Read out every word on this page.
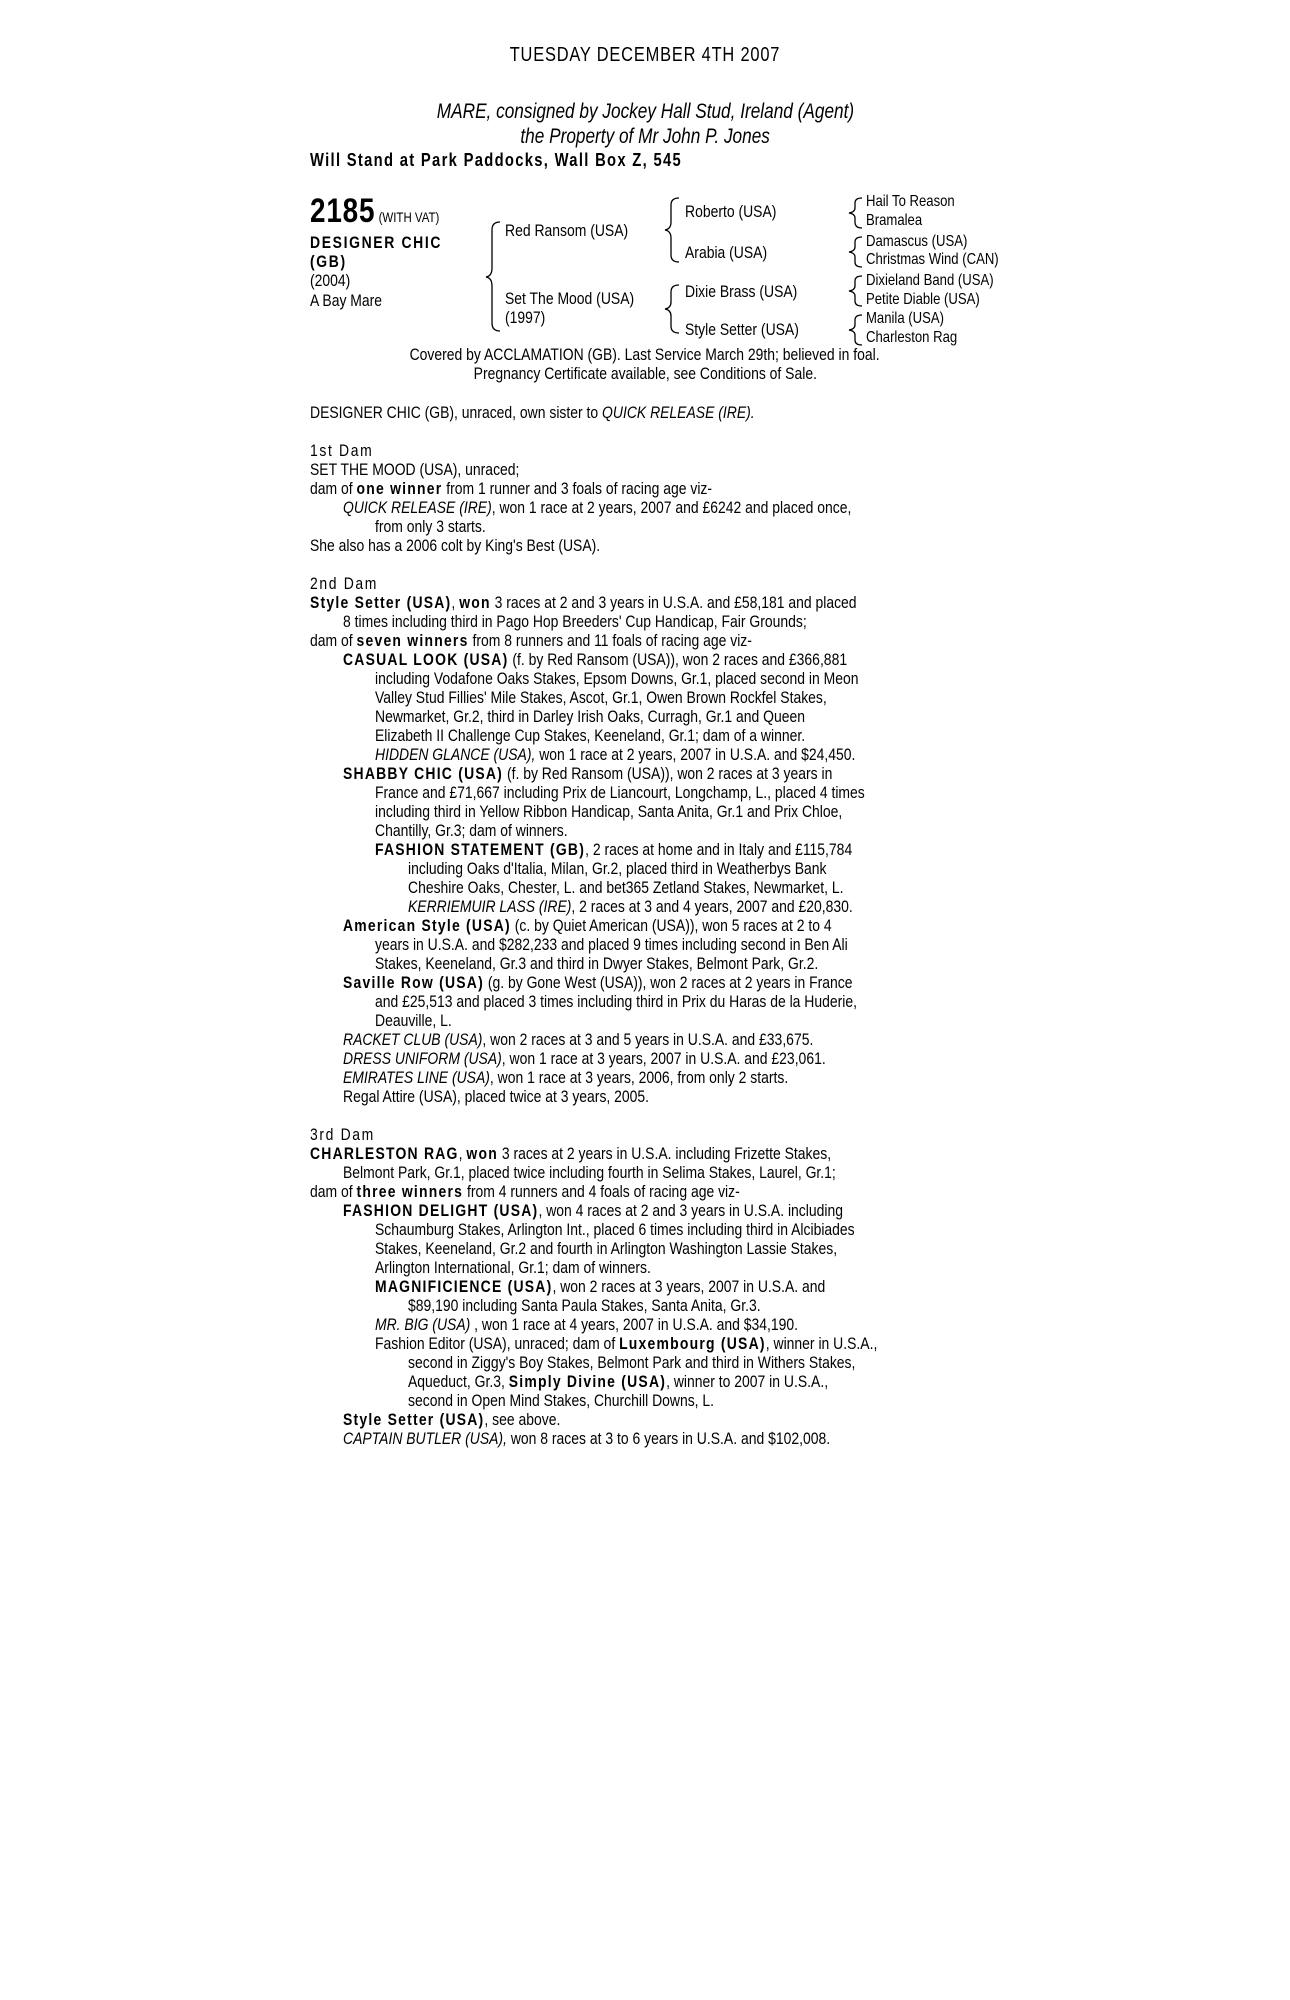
TUESDAY DECEMBER 4TH 2007
MARE, consigned by Jockey Hall Stud, Ireland (Agent)
the Property of Mr John P. Jones
Will Stand at Park Paddocks, Wall Box Z, 545
2185 (WITH VAT)
DESIGNER CHIC
(GB)
(2004)
A Bay Mare
Red Ransom (USA)
Set The Mood (USA)
(1997)
Roberto (USA)
Arabia (USA)
Dixie Brass (USA)
Style Setter (USA)
Hail To Reason
Bramalea
Damascus (USA)
Christmas Wind (CAN)
Dixieland Band (USA)
Petite Diable (USA)
Manila (USA)
Charleston Rag
Covered by ACCLAMATION (GB). Last Service March 29th; believed in foal.
Pregnancy Certificate available, see Conditions of Sale.
DESIGNER CHIC (GB), unraced, own sister to QUICK RELEASE (IRE).
1st Dam
SET THE MOOD (USA), unraced;
dam of one winner from 1 runner and 3 foals of racing age viz-
QUICK RELEASE (IRE), won 1 race at 2 years, 2007 and £6242 and placed once,
from only 3 starts.
She also has a 2006 colt by King's Best (USA).
2nd Dam
Style Setter (USA), won 3 races at 2 and 3 years in U.S.A. and £58,181 and placed
8 times including third in Pago Hop Breeders' Cup Handicap, Fair Grounds;
dam of seven winners from 8 runners and 11 foals of racing age viz-
CASUAL LOOK (USA) (f. by Red Ransom (USA)), won 2 races and £366,881
including Vodafone Oaks Stakes, Epsom Downs, Gr.1, placed second in Meon
Valley Stud Fillies' Mile Stakes, Ascot, Gr.1, Owen Brown Rockfel Stakes,
Newmarket, Gr.2, third in Darley Irish Oaks, Curragh, Gr.1 and Queen
Elizabeth II Challenge Cup Stakes, Keeneland, Gr.1; dam of a winner.
HIDDEN GLANCE (USA), won 1 race at 2 years, 2007 in U.S.A. and $24,450.
SHABBY CHIC (USA) (f. by Red Ransom (USA)), won 2 races at 3 years in
France and £71,667 including Prix de Liancourt, Longchamp, L., placed 4 times
including third in Yellow Ribbon Handicap, Santa Anita, Gr.1 and Prix Chloe,
Chantilly, Gr.3; dam of winners.
FASHION STATEMENT (GB), 2 races at home and in Italy and £115,784
including Oaks d'Italia, Milan, Gr.2, placed third in Weatherbys Bank
Cheshire Oaks, Chester, L. and bet365 Zetland Stakes, Newmarket, L.
KERRIEMUIR LASS (IRE), 2 races at 3 and 4 years, 2007 and £20,830.
American Style (USA) (c. by Quiet American (USA)), won 5 races at 2 to 4
years in U.S.A. and $282,233 and placed 9 times including second in Ben Ali
Stakes, Keeneland, Gr.3 and third in Dwyer Stakes, Belmont Park, Gr.2.
Saville Row (USA) (g. by Gone West (USA)), won 2 races at 2 years in France
and £25,513 and placed 3 times including third in Prix du Haras de la Huderie,
Deauville, L.
RACKET CLUB (USA), won 2 races at 3 and 5 years in U.S.A. and £33,675.
DRESS UNIFORM (USA), won 1 race at 3 years, 2007 in U.S.A. and £23,061.
EMIRATES LINE (USA), won 1 race at 3 years, 2006, from only 2 starts.
Regal Attire (USA), placed twice at 3 years, 2005.
3rd Dam
CHARLESTON RAG, won 3 races at 2 years in U.S.A. including Frizette Stakes,
Belmont Park, Gr.1, placed twice including fourth in Selima Stakes, Laurel, Gr.1;
dam of three winners from 4 runners and 4 foals of racing age viz-
FASHION DELIGHT (USA), won 4 races at 2 and 3 years in U.S.A. including
Schaumburg Stakes, Arlington Int., placed 6 times including third in Alcibiades
Stakes, Keeneland, Gr.2 and fourth in Arlington Washington Lassie Stakes,
Arlington International, Gr.1; dam of winners.
MAGNIFICIENCE (USA), won 2 races at 3 years, 2007 in U.S.A. and
$89,190 including Santa Paula Stakes, Santa Anita, Gr.3.
MR. BIG (USA) , won 1 race at 4 years, 2007 in U.S.A. and $34,190.
Fashion Editor (USA), unraced; dam of Luxembourg (USA), winner in U.S.A.,
second in Ziggy's Boy Stakes, Belmont Park and third in Withers Stakes,
Aqueduct, Gr.3, Simply Divine (USA), winner to 2007 in U.S.A.,
second in Open Mind Stakes, Churchill Downs, L.
Style Setter (USA), see above.
CAPTAIN BUTLER (USA), won 8 races at 3 to 6 years in U.S.A. and $102,008.
